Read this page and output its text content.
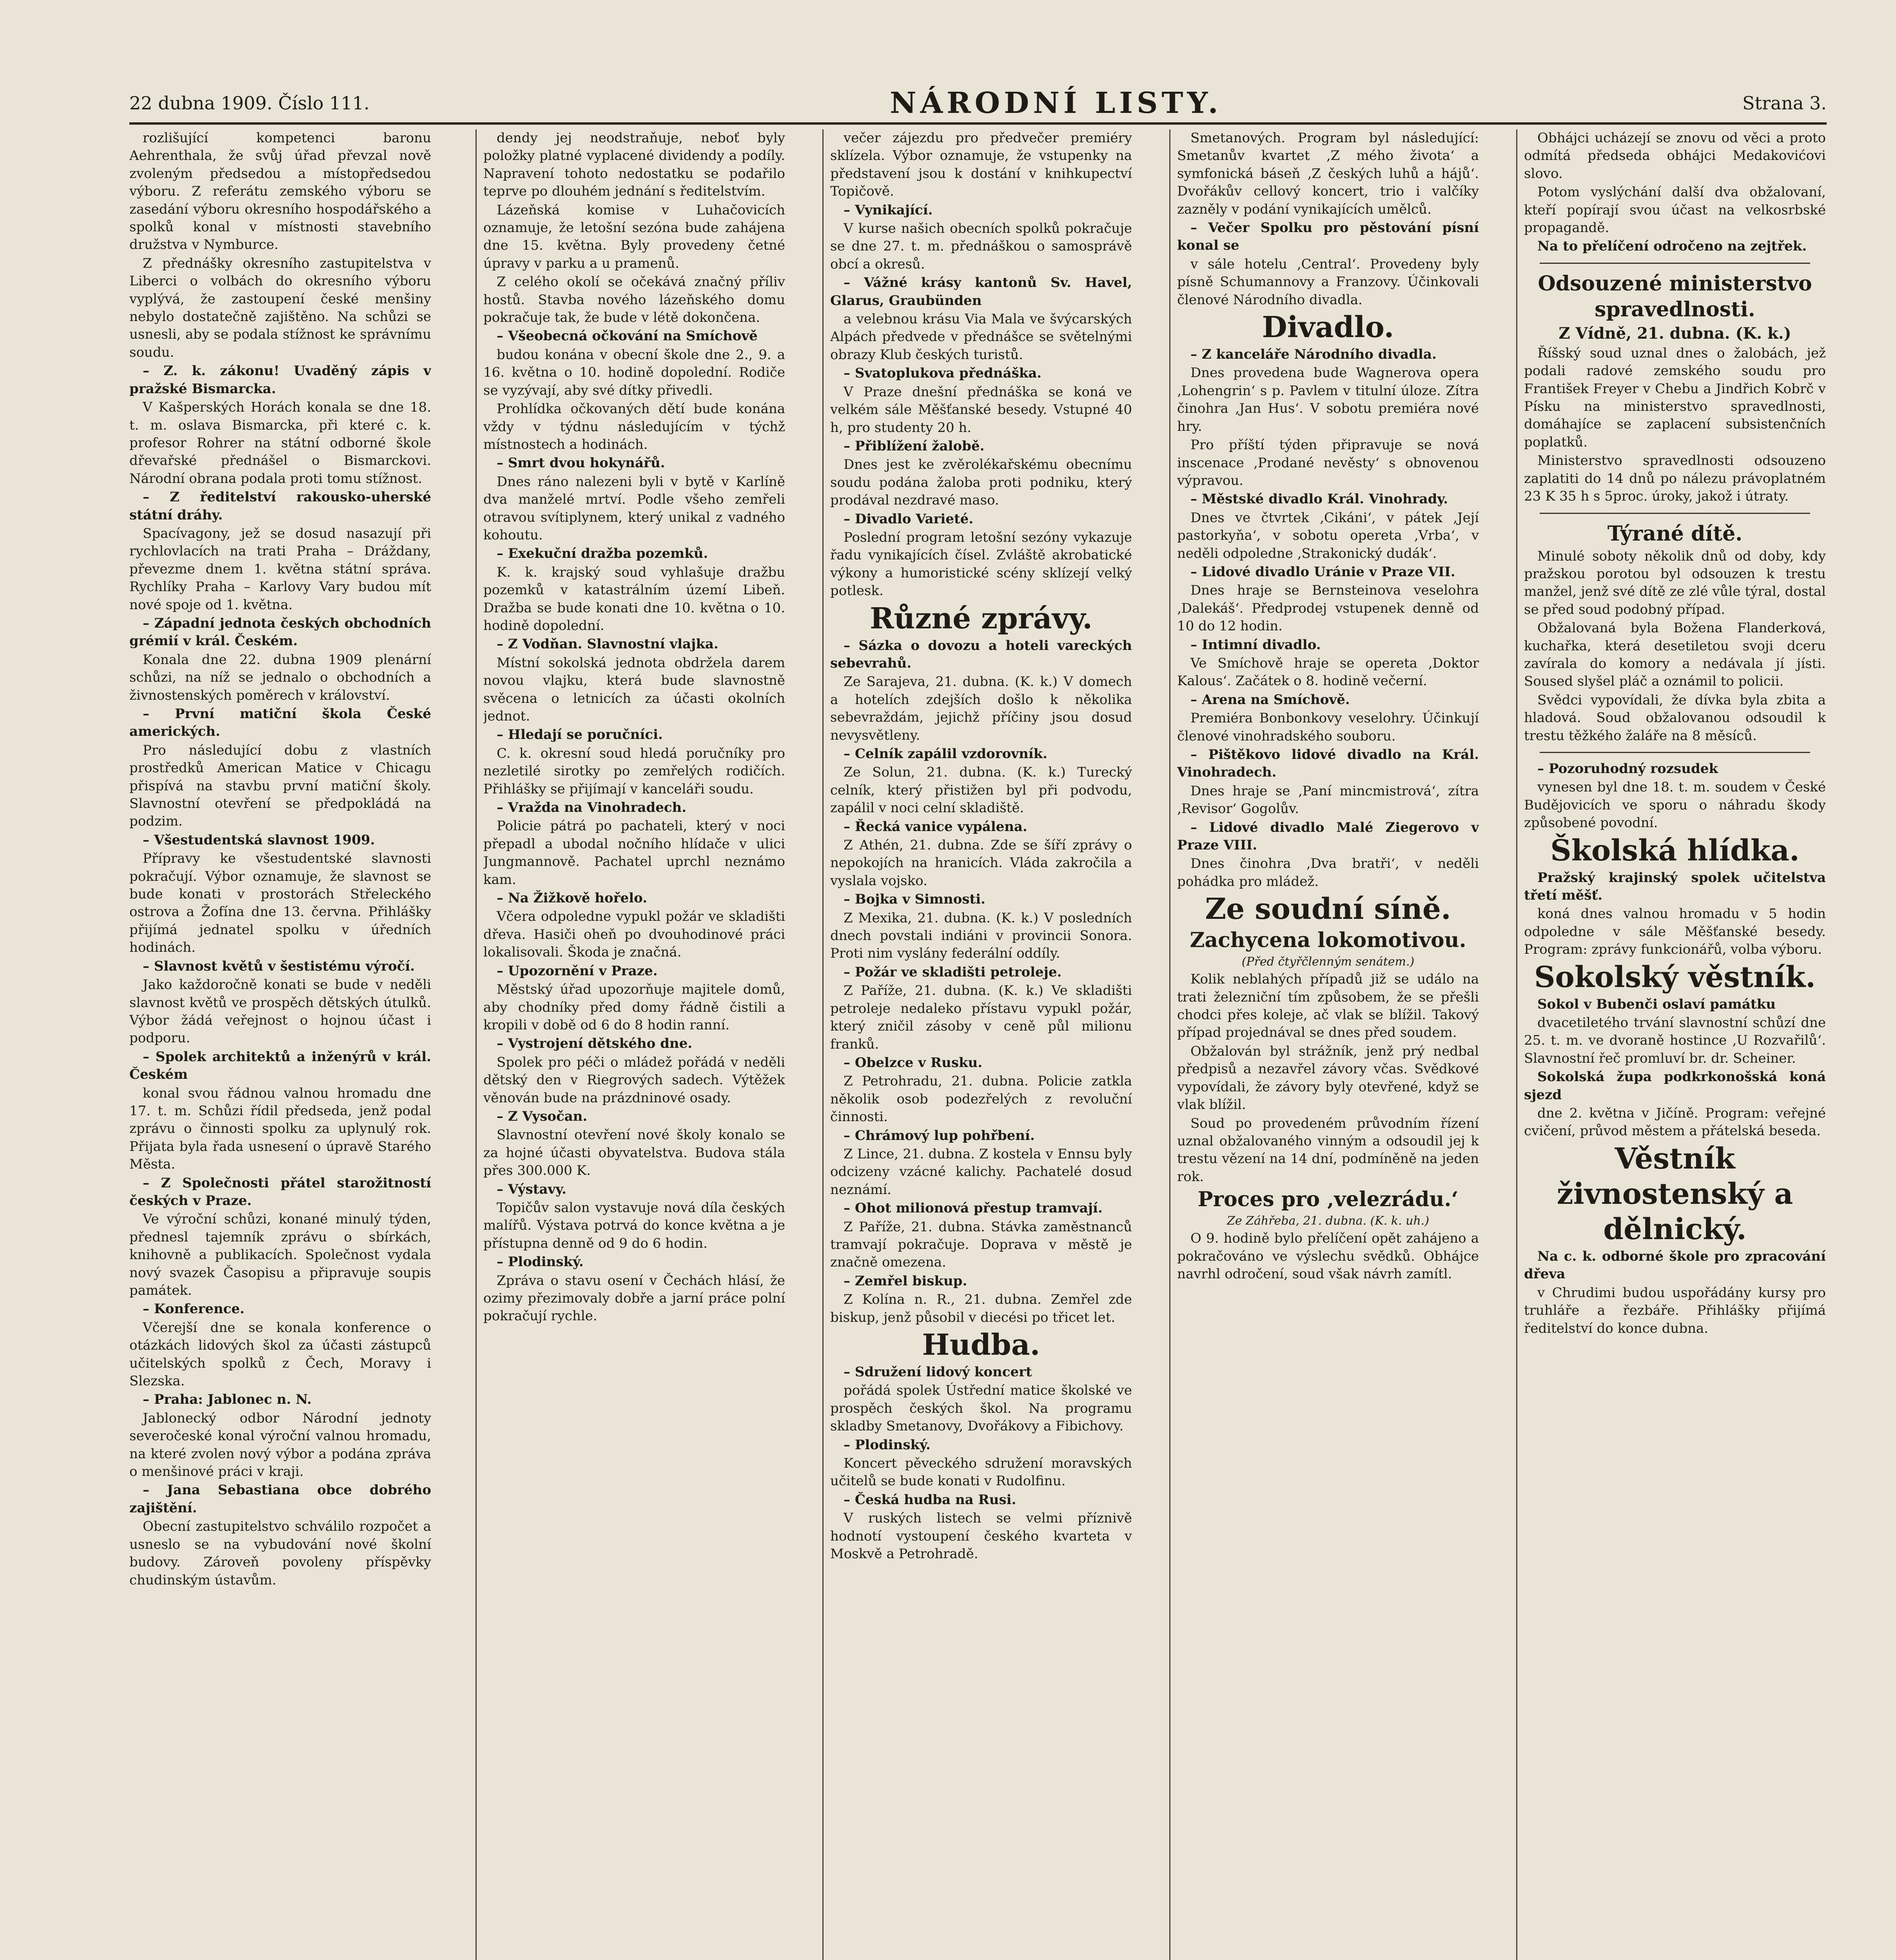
22 dubna 1909. Číslo 111.	NÁRODNÍ LISTY.	Strana 3.

rozlišující kompetenci baronu Aehrenthala, že svůj úřad převzal nově zvoleným předsedou a místopředsedou výboru. Z referátu zemského výboru se zasedání výboru okresního hospodářského a spolků konal v místnosti stavebního družstva v Nymburce.

Z přednášky okresního zastupitelstva v Liberci o volbách do okresního výboru vyplývá, že zastoupení české menšiny nebylo dostatečně zajištěno. Na schůzi se usnesli, aby se podala stížnost ke správnímu soudu.

– Z. k. zákonu! Uvaděný zápis v pražské Bismarcka.

V Kašperských Horách konala se dne 18. t. m. oslava Bismarcka, při které c. k. profesor Rohrer na státní odborné škole dřevařské přednášel o Bismarckovi. Národní obrana podala proti tomu stížnost.

– Z ředitelství rakousko-uherské státní dráhy.

Spacívagony, jež se dosud nasazují při rychlovlacích na trati Praha – Dráždany, převezme dnem 1. května státní správa. Rychlíky Praha – Karlovy Vary budou mít nové spoje od 1. května.

– Západní jednota českých obchodních grémií v král. Českém.

Konala dne 22. dubna 1909 plenární schůzi, na níž se jednalo o obchodních a živnostenských poměrech v království.

– První matiční škola České amerických.

Pro následující dobu z vlastních prostředků American Matice v Chicagu přispívá na stavbu první matiční školy. Slavnostní otevření se předpokládá na podzim.

– Všestudentská slavnost 1909.

Přípravy ke všestudentské slavnosti pokračují. Výbor oznamuje, že slavnost se bude konati v prostorách Střeleckého ostrova a Žofína dne 13. června. Přihlášky přijímá jednatel spolku v úředních hodinách.

– Slavnost květů v šestistému výročí.

Jako každoročně konati se bude v neděli slavnost květů ve prospěch dětských útulků. Výbor žádá veřejnost o hojnou účast i podporu.

– Spolek architektů a inženýrů v král. Českém

konal svou řádnou valnou hromadu dne 17. t. m. Schůzi řídil předseda, jenž podal zprávu o činnosti spolku za uplynulý rok. Přijata byla řada usnesení o úpravě Starého Města.

– Z Společnosti přátel starožitností českých v Praze.

Ve výroční schůzi, konané minulý týden, přednesl tajemník zprávu o sbírkách, knihovně a publikacích. Společnost vydala nový svazek Časopisu a připravuje soupis památek.

– Konference.

Včerejší dne se konala konference o otázkách lidových škol za účasti zástupců učitelských spolků z Čech, Moravy i Slezska.

– Praha: Jablonec n. N.

Jablonecký odbor Národní jednoty severočeské konal výroční valnou hromadu, na které zvolen nový výbor a podána zpráva o menšinové práci v kraji.

– Jana Sebastiana obce dobrého zajištění.

Obecní zastupitelstvo schválilo rozpočet a usneslo se na vybudování nové školní budovy. Zároveň povoleny příspěvky chudinským ústavům.

dendy jej neodstraňuje, neboť byly položky platné vyplacené dividendy a podíly. Napravení tohoto nedostatku se podařilo teprve po dlouhém jednání s ředitelstvím.

Lázeňská komise v Luhačovicích oznamuje, že letošní sezóna bude zahájena dne 15. května. Byly provedeny četné úpravy v parku a u pramenů.

Z celého okolí se očekává značný příliv hostů. Stavba nového lázeňského domu pokračuje tak, že bude v létě dokončena.

– Všeobecná očkování na Smíchově

budou konána v obecní škole dne 2., 9. a 16. května o 10. hodině dopolední. Rodiče se vyzývají, aby své dítky přivedli.

Prohlídka očkovaných dětí bude konána vždy v týdnu následujícím v týchž místnostech a hodinách.

– Smrt dvou hokynářů.

Dnes ráno nalezeni byli v bytě v Karlíně dva manželé mrtví. Podle všeho zemřeli otravou svítiplynem, který unikal z vadného kohoutu.

– Exekuční dražba pozemků.

K. k. krajský soud vyhlašuje dražbu pozemků v katastrálním území Libeň. Dražba se bude konati dne 10. května o 10. hodině dopolední.

– Z Vodňan. Slavnostní vlajka.

Místní sokolská jednota obdržela darem novou vlajku, která bude slavnostně svěcena o letnicích za účasti okolních jednot.

– Hledají se poručníci.

C. k. okresní soud hledá poručníky pro nezletilé sirotky po zemřelých rodičích. Přihlášky se přijímají v kanceláři soudu.

– Vražda na Vinohradech.

Policie pátrá po pachateli, který v noci přepadl a ubodal nočního hlídače v ulici Jungmannově. Pachatel uprchl neznámo kam.

– Na Žižkově hořelo.

Včera odpoledne vypukl požár ve skladišti dřeva. Hasiči oheň po dvouhodinové práci lokalisovali. Škoda je značná.

– Upozornění v Praze.

Městský úřad upozorňuje majitele domů, aby chodníky před domy řádně čistili a kropili v době od 6 do 8 hodin ranní.

– Vystrojení dětského dne.

Spolek pro péči o mládež pořádá v neděli dětský den v Riegrových sadech. Výtěžek věnován bude na prázdninové osady.

– Z Vysočan.

Slavnostní otevření nové školy konalo se za hojné účasti obyvatelstva. Budova stála přes 300.000 K.

– Výstavy.

Topičův salon vystavuje nová díla českých malířů. Výstava potrvá do konce května a je přístupna denně od 9 do 6 hodin.

– Plodinský.

Zpráva o stavu osení v Čechách hlásí, že ozimy přezimovaly dobře a jarní práce polní pokračují rychle.

večer zájezdu pro předvečer premiéry sklízela. Výbor oznamuje, že vstupenky na představení jsou k dostání v knihkupectví Topičově.

– Vynikající.

V kurse našich obecních spolků pokračuje se dne 27. t. m. přednáškou o samosprávě obcí a okresů.

– Vážné krásy kantonů Sv. Havel, Glarus, Graubünden

a velebnou krásu Via Mala ve švýcarských Alpách předvede v přednášce se světelnými obrazy Klub českých turistů.

– Svatoplukova přednáška.

V Praze dnešní přednáška se koná ve velkém sále Měšťanské besedy. Vstupné 40 h, pro studenty 20 h.

– Přiblížení žalobě.

Dnes jest ke zvěrolékařskému obecnímu soudu podána žaloba proti podniku, který prodával nezdravé maso.

– Divadlo Varieté.

Poslední program letošní sezóny vykazuje řadu vynikajících čísel. Zvláště akrobatické výkony a humoristické scény sklízejí velký potlesk.

Různé zprávy.

– Sázka o dovozu a hoteli vareckých sebevrahů.

Ze Sarajeva, 21. dubna. (K. k.) V domech a hotelích zdejších došlo k několika sebevraždám, jejichž příčiny jsou dosud nevysvětleny.

– Celník zapálil vzdorovník.

Ze Solun, 21. dubna. (K. k.) Turecký celník, který přistižen byl při podvodu, zapálil v noci celní skladiště.

– Řecká vanice vypálena.

Z Athén, 21. dubna. Zde se šíří zprávy o nepokojích na hranicích. Vláda zakročila a vyslala vojsko.

– Bojka v Simnosti.

Z Mexika, 21. dubna. (K. k.) V posledních dnech povstali indiáni v provincii Sonora. Proti nim vyslány federální oddíly.

– Požár ve skladišti petroleje.

Z Paříže, 21. dubna. (K. k.) Ve skladišti petroleje nedaleko přístavu vypukl požár, který zničil zásoby v ceně půl milionu franků.

– Obelzce v Rusku.

Z Petrohradu, 21. dubna. Policie zatkla několik osob podezřelých z revoluční činnosti.

– Chrámový lup pohřbení.

Z Lince, 21. dubna. Z kostela v Ennsu byly odcizeny vzácné kalichy. Pachatelé dosud neznámí.

– Ohot milionová přestup tramvají.

Z Paříže, 21. dubna. Stávka zaměstnanců tramvají pokračuje. Doprava v městě je značně omezena.

– Zemřel biskup.

Z Kolína n. R., 21. dubna. Zemřel zde biskup, jenž působil v diecési po třicet let.

Hudba.

– Sdružení lidový koncert

pořádá spolek Ústřední matice školské ve prospěch českých škol. Na programu skladby Smetanovy, Dvořákovy a Fibichovy.

– Plodinský.

Koncert pěveckého sdružení moravských učitelů se bude konati v Rudolfinu.

– Česká hudba na Rusi.

V ruských listech se velmi příznivě hodnotí vystoupení českého kvarteta v Moskvě a Petrohradě.

Smetanových. Program byl následující: Smetanův kvartet ‚Z mého života‘ a symfonická báseň ‚Z českých luhů a hájů‘. Dvořákův cellový koncert, trio i valčíky zazněly v podání vynikajících umělců.

– Večer Spolku pro pěstování písní konal se

v sále hotelu ‚Central‘. Provedeny byly písně Schumannovy a Franzovy. Účinkovali členové Národního divadla.

Divadlo.

– Z kanceláře Národního divadla.

Dnes provedena bude Wagnerova opera ‚Lohengrin‘ s p. Pavlem v titulní úloze. Zítra činohra ‚Jan Hus‘. V sobotu premiéra nové hry.

Pro příští týden připravuje se nová inscenace ‚Prodané nevěsty‘ s obnovenou výpravou.

– Městské divadlo Král. Vinohrady.

Dnes ve čtvrtek ‚Cikáni‘, v pátek ‚Její pastorkyňa‘, v sobotu opereta ‚Vrba‘, v neděli odpoledne ‚Strakonický dudák‘.

– Lidové divadlo Uránie v Praze VII.

Dnes hraje se Bernsteinova veselohra ‚Dalekáš‘. Předprodej vstupenek denně od 10 do 12 hodin.

– Intimní divadlo.

Ve Smíchově hraje se opereta ‚Doktor Kalous‘. Začátek o 8. hodině večerní.

– Arena na Smíchově.

Premiéra Bonbonkovy veselohry. Účinkují členové vinohradského souboru.

– Pištěkovo lidové divadlo na Král. Vinohradech.

Dnes hraje se ‚Paní mincmistrová‘, zítra ‚Revisor‘ Gogolův.

– Lidové divadlo Malé Ziegerovo v Praze VIII.

Dnes činohra ‚Dva bratři‘, v neděli pohádka pro mládež.

Ze soudní síně.

Zachycena lokomotivou.

(Před čtyřčlenným senátem.)

Kolik neblahých případů již se událo na trati železniční tím způsobem, že se přešli chodci přes koleje, ač vlak se blížil. Takový případ projednával se dnes před soudem.

Obžalován byl strážník, jenž prý nedbal předpisů a nezavřel závory včas. Svědkové vypovídali, že závory byly otevřené, když se vlak blížil.

Soud po provedeném průvodním řízení uznal obžalovaného vinným a odsoudil jej k trestu vězení na 14 dní, podmíněně na jeden rok.

Proces pro ‚velezrádu.‘

Ze Záhřeba, 21. dubna. (K. k. uh.)

O 9. hodině bylo přelíčení opět zahájeno a pokračováno ve výslechu svědků. Obhájce navrhl odročení, soud však návrh zamítl.

Obhájci ucházejí se znovu od věci a proto odmítá předseda obhájci Medakovićovi slovo.

Potom vyslýchání další dva obžalovaní, kteří popírají svou účast na velkosrbské propagandě.

Na to přelíčení odročeno na zejtřek.

Odsouzené ministerstvo spravedlnosti.

Z Vídně, 21. dubna. (K. k.)

Říšský soud uznal dnes o žalobách, jež podali radové zemského soudu pro František Freyer v Chebu a Jindřich Kobrč v Písku na ministerstvo spravedlnosti, domáhajíce se zaplacení subsistenčních poplatků.

Ministerstvo spravedlnosti odsouzeno zaplatiti do 14 dnů po nálezu právoplatném 23 K 35 h s 5proc. úroky, jakož i útraty.

Týrané dítě.

Minulé soboty několik dnů od doby, kdy pražskou porotou byl odsouzen k trestu manžel, jenž své dítě ze zlé vůle týral, dostal se před soud podobný případ.

Obžalovaná byla Božena Flanderková, kuchařka, která desetiletou svoji dceru zavírala do komory a nedávala jí jísti. Soused slyšel pláč a oznámil to policii.

Svědci vypovídali, že dívka byla zbita a hladová. Soud obžalovanou odsoudil k trestu těžkého žaláře na 8 měsíců.

– Pozoruhodný rozsudek

vynesen byl dne 18. t. m. soudem v České Budějovicích ve sporu o náhradu škody způsobené povodní.

Školská hlídka.

Pražský krajinský spolek učitelstva třetí měšť.

koná dnes valnou hromadu v 5 hodin odpoledne v sále Měšťanské besedy. Program: zprávy funkcionářů, volba výboru.

Sokolský věstník.

Sokol v Bubenči oslaví památku

dvacetiletého trvání slavnostní schůzí dne 25. t. m. ve dvoraně hostince ‚U Rozvařilů‘. Slavnostní řeč promluví br. dr. Scheiner.

Sokolská župa podkrkonošská koná sjezd

dne 2. května v Jičíně. Program: veřejné cvičení, průvod městem a přátelská beseda.

Věstník živnostenský a dělnický.

Na c. k. odborné škole pro zpracování dřeva

v Chrudimi budou uspořádány kursy pro truhláře a řezbáře. Přihlášky přijímá ředitelství do konce dubna.
